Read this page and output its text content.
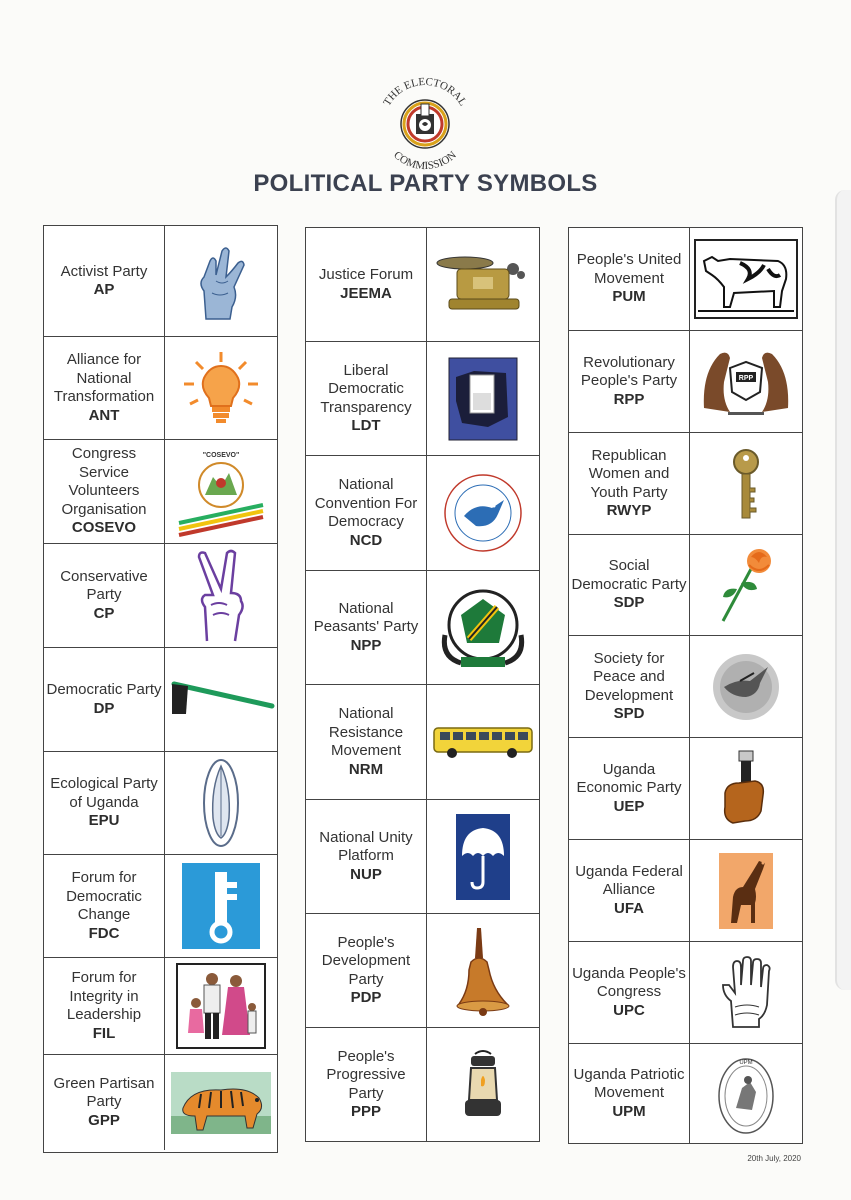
THE ELECTORAL
COMMISSION
POLITICAL PARTY SYMBOLS
Activist Party
AP
Alliance for National Transformation
ANT
Congress Service Volunteers Organisation
COSEVO
"COSEVO"
Conservative Party
CP
Democratic Party
DP
Ecological Party of Uganda
EPU
Forum for Democratic Change
FDC
Forum for Integrity in Leadership
FIL
Green Partisan Party
GPP
Justice Forum
JEEMA
Liberal Democratic Transparency
LDT
National Convention For Democracy
NCD
National Peasants' Party
NPP
National Resistance Movement
NRM
National Unity Platform
NUP
People's Development Party
PDP
People's Progressive Party
PPP
People's United Movement
PUM
Revolutionary People's Party
RPP
RPP
Republican Women and Youth Party
RWYP
Social Democratic Party
SDP
Society for Peace and Development
SPD
Uganda Economic Party
UEP
Uganda Federal Alliance
UFA
Uganda People's Congress
UPC
Uganda Patriotic Movement
UPM
UPM
20th July, 2020
